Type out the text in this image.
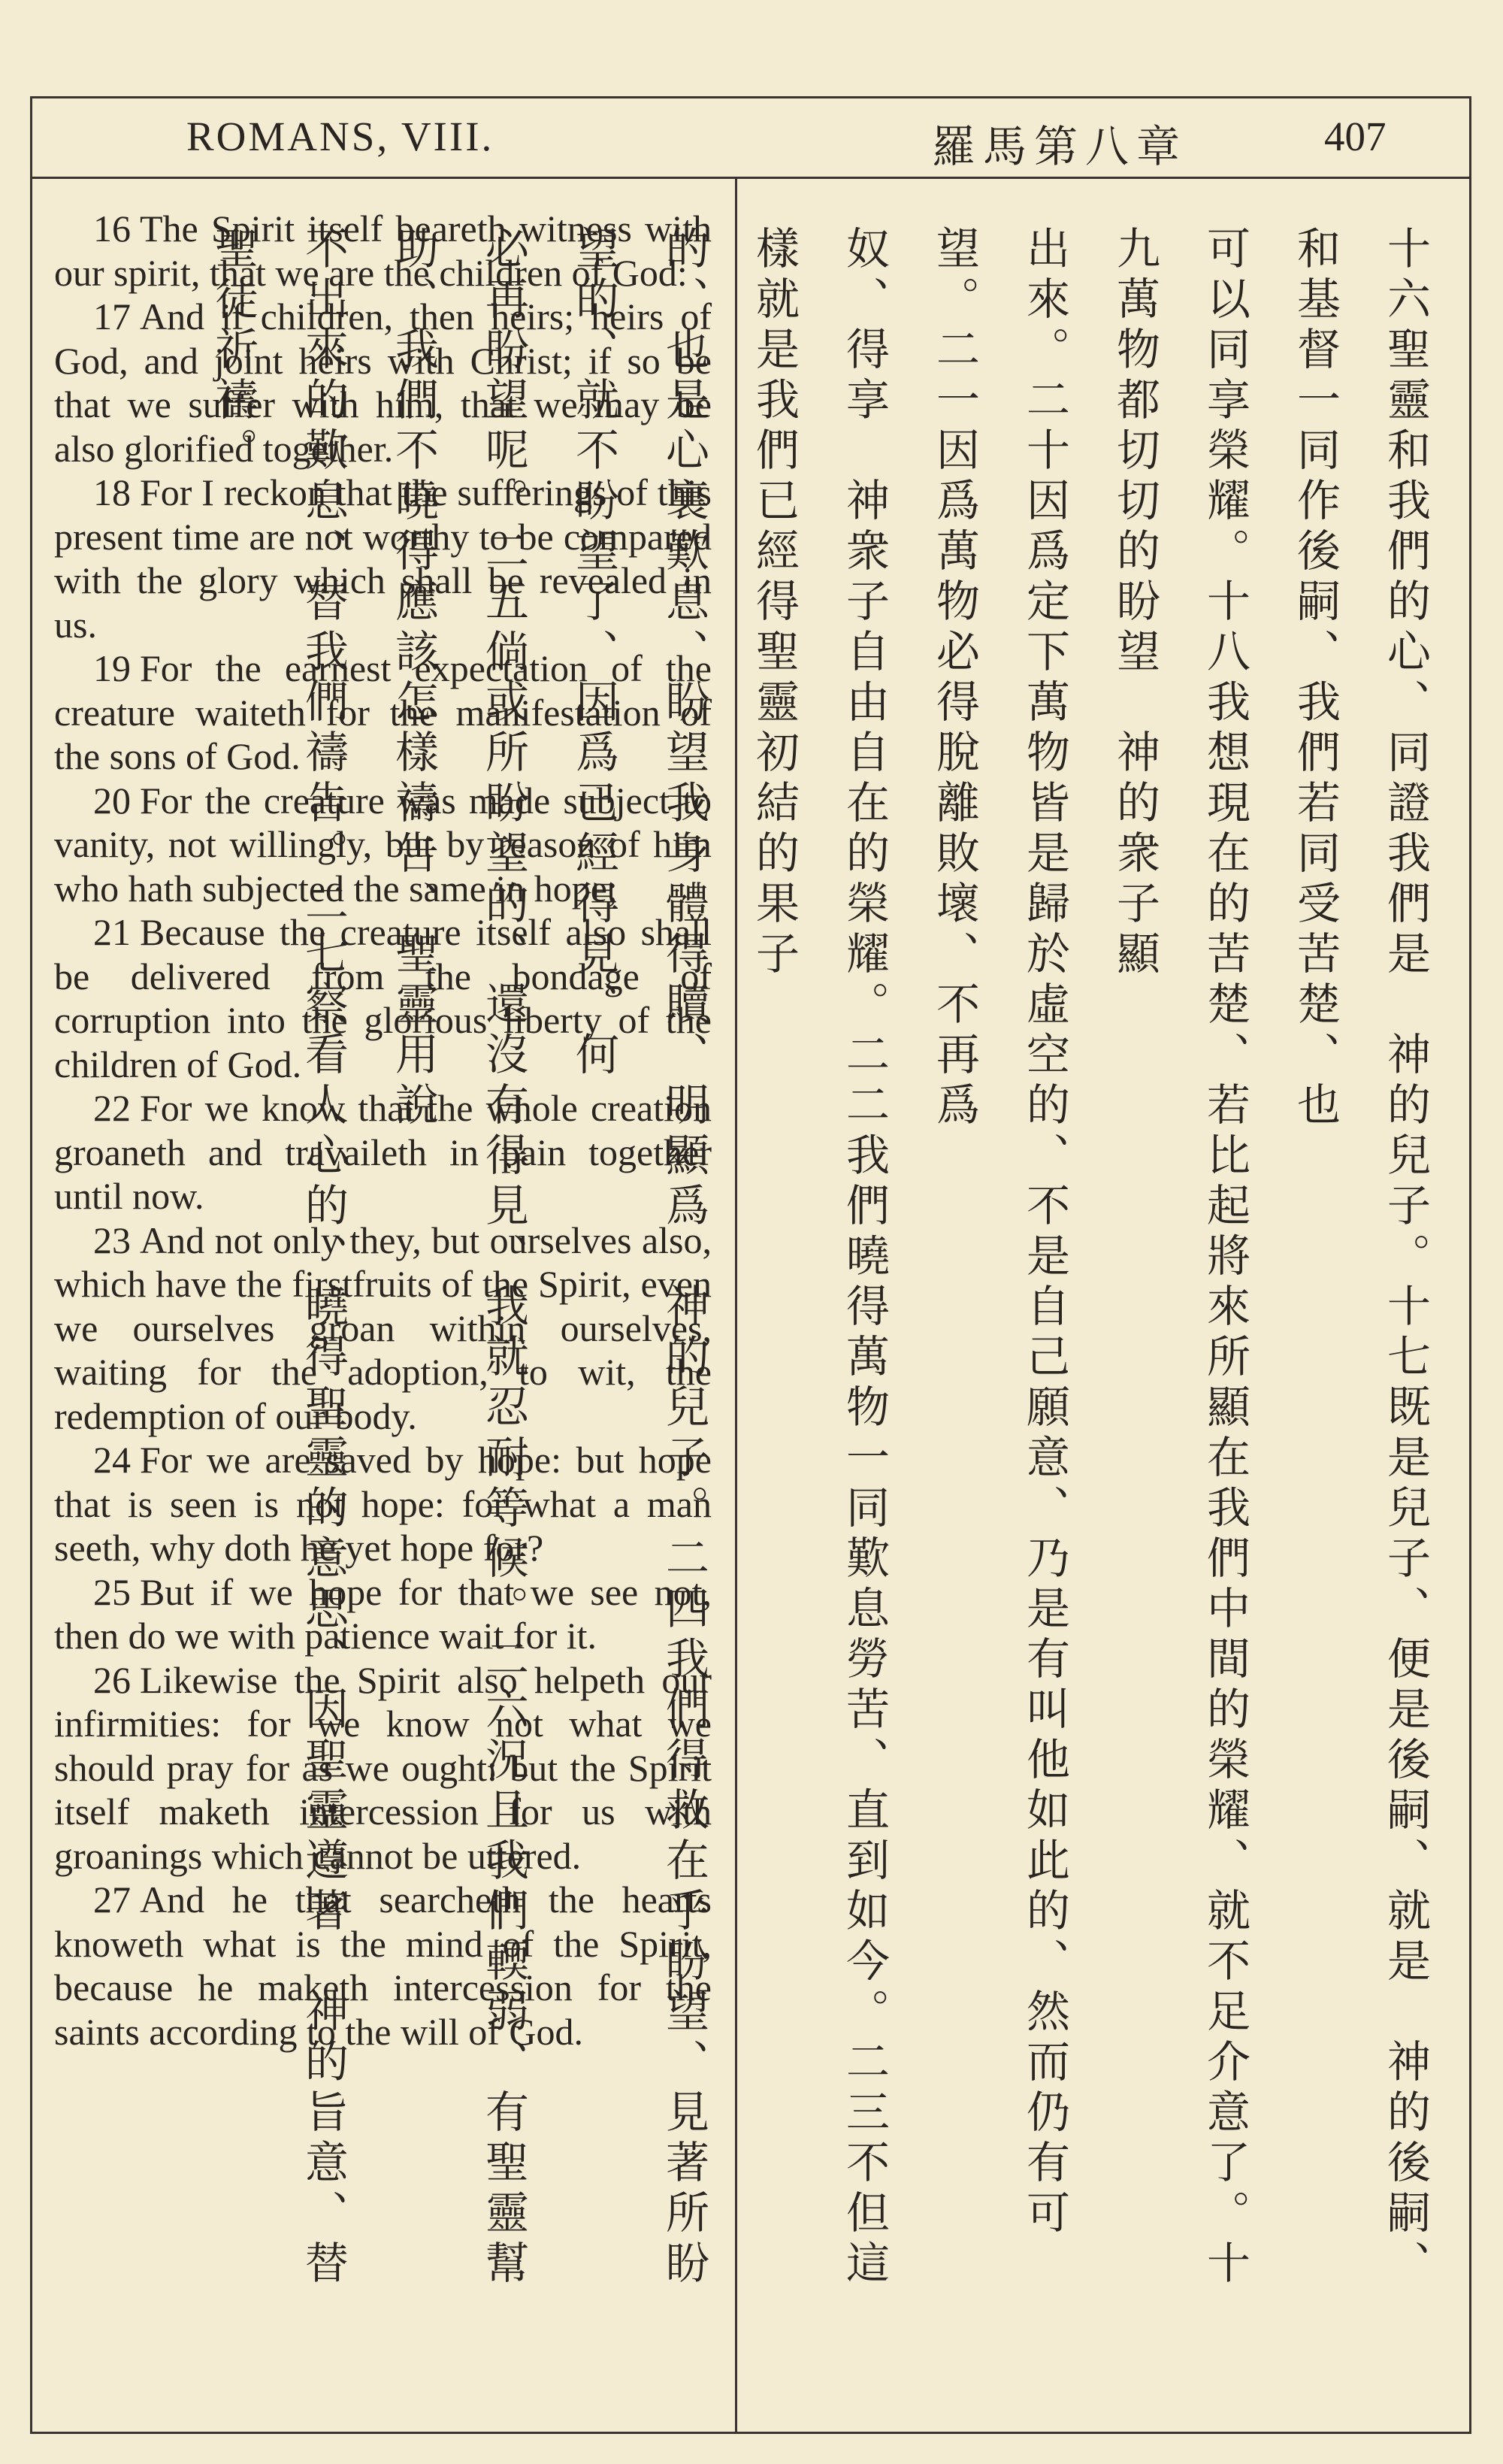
ROMANS, VIII.	羅馬第八章	407

16 The Spirit itself beareth witness with our spirit, that we are the children of God:

17 And if children, then heirs; heirs of God, and joint heirs with Christ; if so be that we suffer with him, that we may be also glorified together.

18 For I reckon that the sufferings of this present time are not worthy to be compared with the glory which shall be revealed in us.

19 For the earnest expectation of the creature waiteth for the manifestation of the sons of God.

20 For the creature was made subject to vanity, not willingly, but by reason of him who hath subjected the same in hope;

21 Because the creature itself also shall be delivered from the bondage of corruption into the glorious liberty of the children of God.

22 For we know that the whole creation groaneth and travaileth in pain together until now.

23 And not only they, but ourselves also, which have the firstfruits of the Spirit, even we ourselves groan within ourselves, waiting for the adoption, to wit, the redemption of our body.

24 For we are saved by hope: but hope that is seen is not hope: for what a man seeth, why doth he yet hope for?

25 But if we hope for that we see not, then do we with patience wait for it.

26 Likewise the Spirit also helpeth our infirmities: for we know not what we should pray for as we ought: but the Spirit itself maketh intercession for us with groanings which cannot be uttered.

27 And he that searcheth the hearts knoweth what is the mind of the Spirit, because he maketh intercession for the saints according to the will of God.	十六聖靈和我們的心、同證我們是　神的兒子。十七既是兒子、便是後嗣、就是　神的後嗣、和基督一同作後嗣、我們若同受苦楚、也
可以同享榮耀。十八我想現在的苦楚、若比起將來所顯在我們中間的榮耀、就不足介意了。十九萬物都切切的盼望　神的衆子顯
出來。二十因爲定下萬物皆是歸於虛空的、不是自己願意、乃是有叫他如此的、然而仍有可望。二一因爲萬物必得脫離敗壞、不再爲
奴、得享　神衆子自由自在的榮耀。二二我們曉得萬物一同歎息勞苦、直到如今。二三不但這樣就是我們已經得聖靈初結的果子
的、也是心裏歎息、盼望我身體得贖、明顯爲　神的兒子。二四我們得救在乎盼望、見著所盼望的、就不盼望了、因爲已經得見、何
必再盼望呢。二五倘或所盼望的、還沒有得見、我就忍耐等候。二六況且我們輭弱、有聖靈幫助、我們不曉得應該怎樣禱告、聖靈用說
不出來的歎息、替我們禱告。二七察看人心的、曉得聖靈的意思、因聖靈遵著　神的旨意、替聖徒祈禱。
